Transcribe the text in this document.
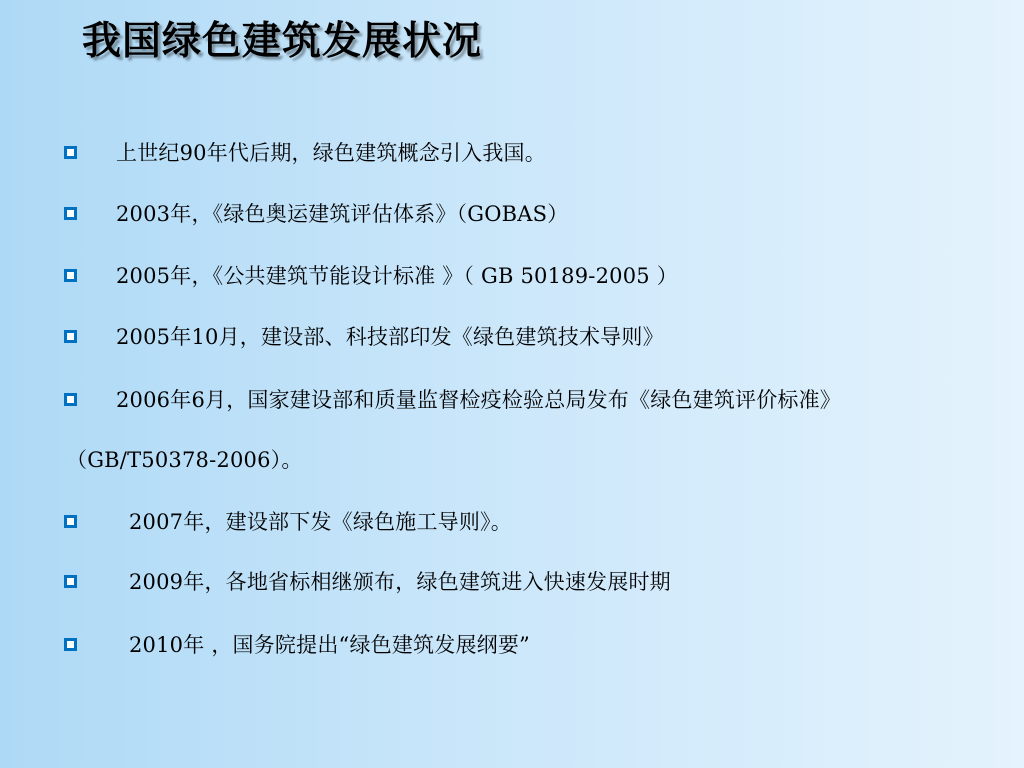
我国绿色建筑发展状况
上世纪90年代后期，绿色建筑概念引入我国。
2003年，《绿色奥运建筑评估体系》（GOBAS）
2005年，《公共建筑节能设计标准 》（ GB 50189-2005 ）
2005年10月，建设部、科技部印发《绿色建筑技术导则》
2006年6月，国家建设部和质量监督检疫检验总局发布《绿色建筑评价标准》
（GB/T50378-2006）。
2007年，建设部下发《绿色施工导则》。
2009年，各地省标相继颁布，绿色建筑进入快速发展时期
2010年 ，国务院提出“绿色建筑发展纲要”
